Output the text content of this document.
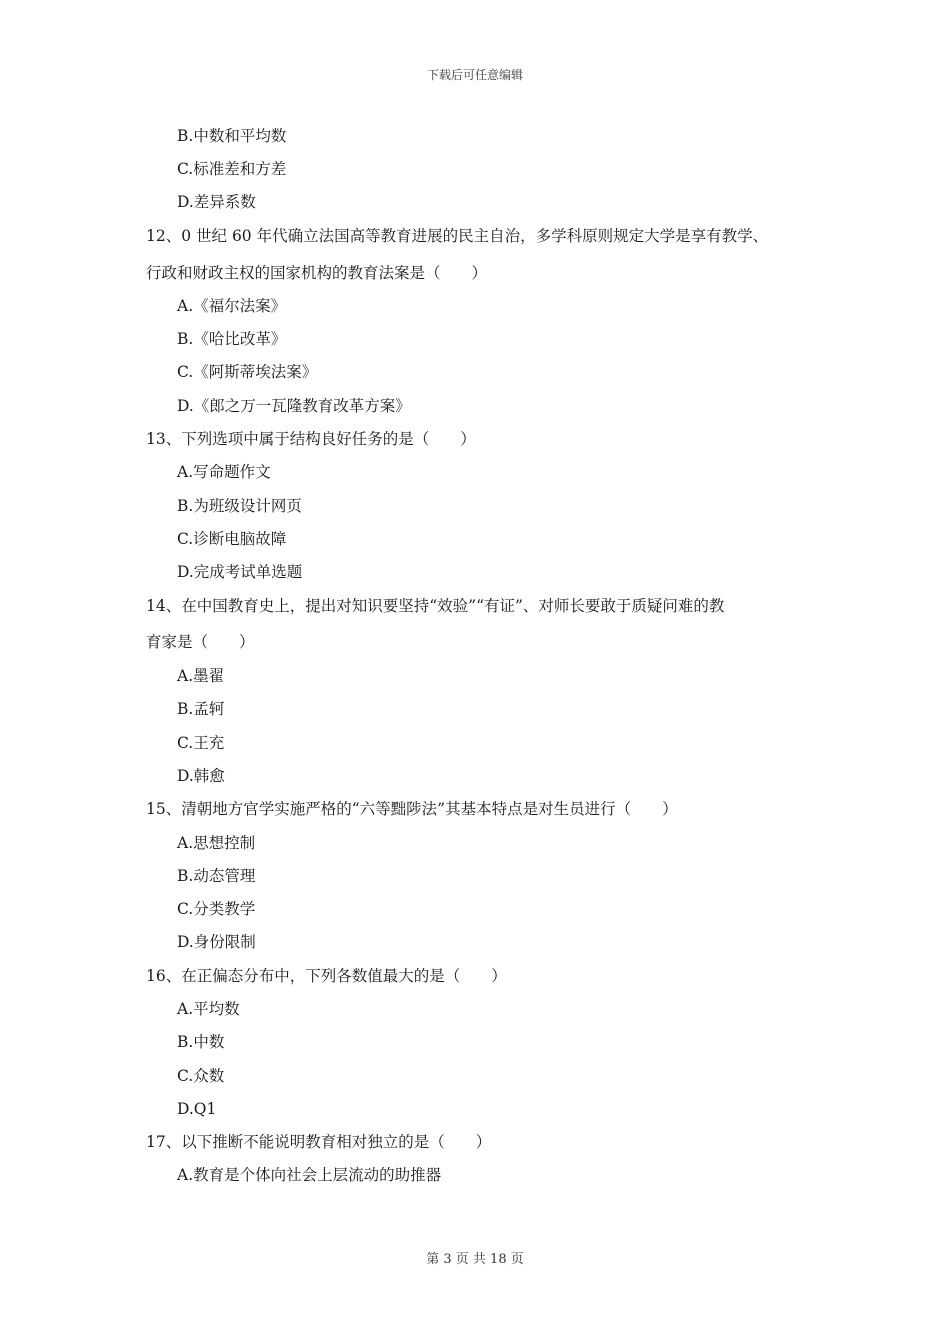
下载后可任意编辑
B.中数和平均数
C.标准差和方差
D.差异系数
12、0 世纪 60 年代确立法国高等教育进展的民主自治，多学科原则规定大学是享有教学、
行政和财政主权的国家机构的教育法案是（　　）
A.《福尔法案》
B.《哈比改革》
C.《阿斯蒂埃法案》
D.《郎之万一瓦隆教育改革方案》
13、下列选项中属于结构良好任务的是（　　）
A.写命题作文
B.为班级设计网页
C.诊断电脑故障
D.完成考试单选题
14、在中国教育史上，提出对知识要坚持“效验”“有证”、对师长要敢于质疑问难的教
育家是（　　）
A.墨翟
B.孟轲
C.王充
D.韩愈
15、清朝地方官学实施严格的“六等黜陟法”其基本特点是对生员进行（　　）
A.思想控制
B.动态管理
C.分类教学
D.身份限制
16、在正偏态分布中，下列各数值最大的是（　　）
A.平均数
B.中数
C.众数
D.Q1
17、以下推断不能说明教育相对独立的是（　　）
A.教育是个体向社会上层流动的助推器
第 3 页 共 18 页
